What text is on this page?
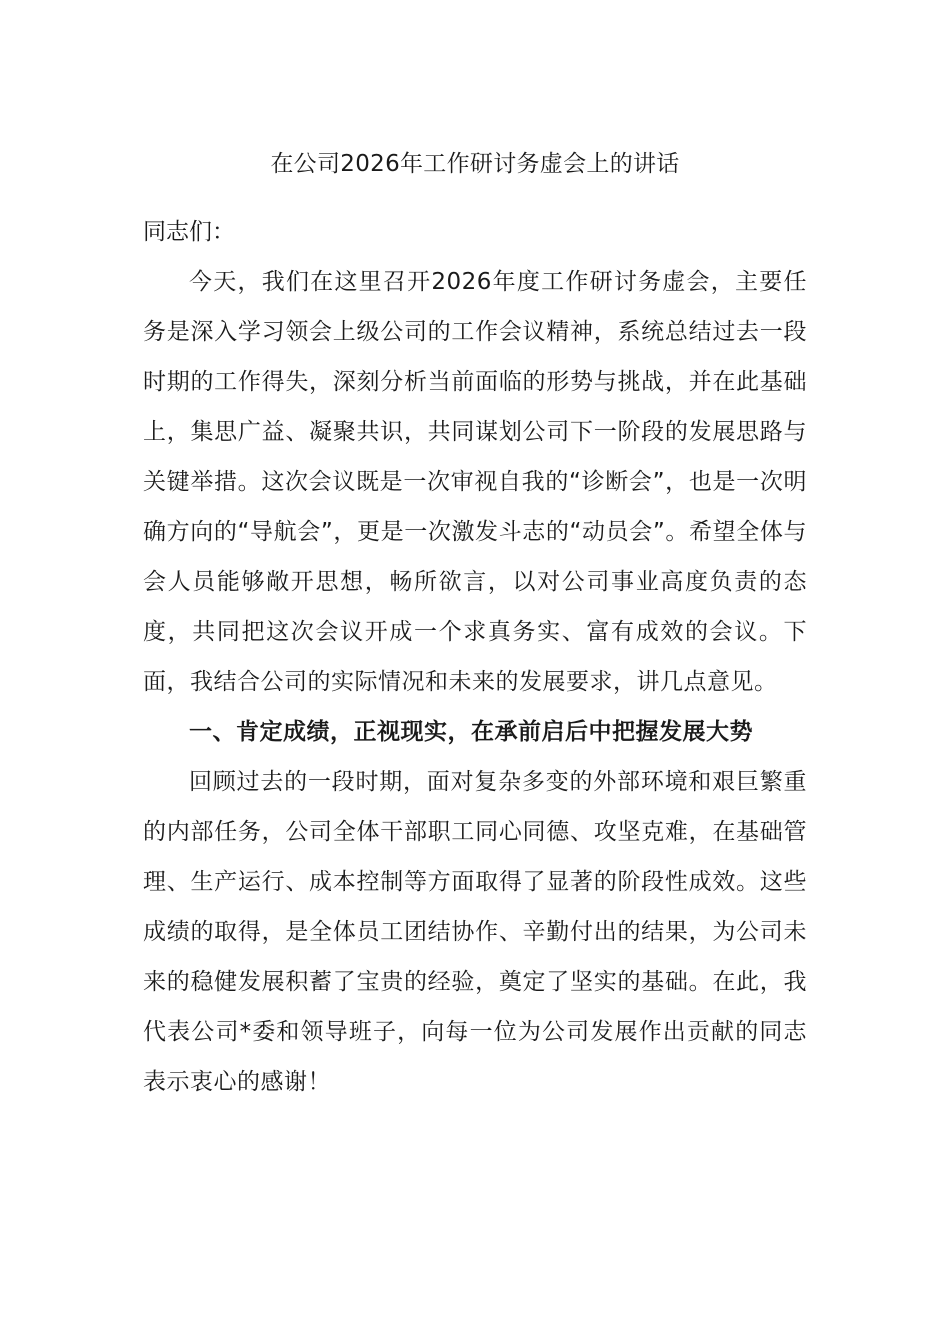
在公司2026年工作研讨务虚会上的讲话

同志们：

今天，我们在这里召开2026年度工作研讨务虚会，主要任务是深入学习领会上级公司的工作会议精神，系统总结过去一段时期的工作得失，深刻分析当前面临的形势与挑战，并在此基础上，集思广益、凝聚共识，共同谋划公司下一阶段的发展思路与关键举措。这次会议既是一次审视自我的“诊断会”，也是一次明确方向的“导航会”，更是一次激发斗志的“动员会”。希望全体与会人员能够敞开思想，畅所欲言，以对公司事业高度负责的态度，共同把这次会议开成一个求真务实、富有成效的会议。下面，我结合公司的实际情况和未来的发展要求，讲几点意见。

一、肯定成绩，正视现实，在承前启后中把握发展大势

回顾过去的一段时期，面对复杂多变的外部环境和艰巨繁重的内部任务，公司全体干部职工同心同德、攻坚克难，在基础管理、生产运行、成本控制等方面取得了显著的阶段性成效。这些成绩的取得，是全体员工团结协作、辛勤付出的结果，为公司未来的稳健发展积蓄了宝贵的经验，奠定了坚实的基础。在此，我代表公司*委和领导班子，向每一位为公司发展作出贡献的同志表示衷心的感谢！
